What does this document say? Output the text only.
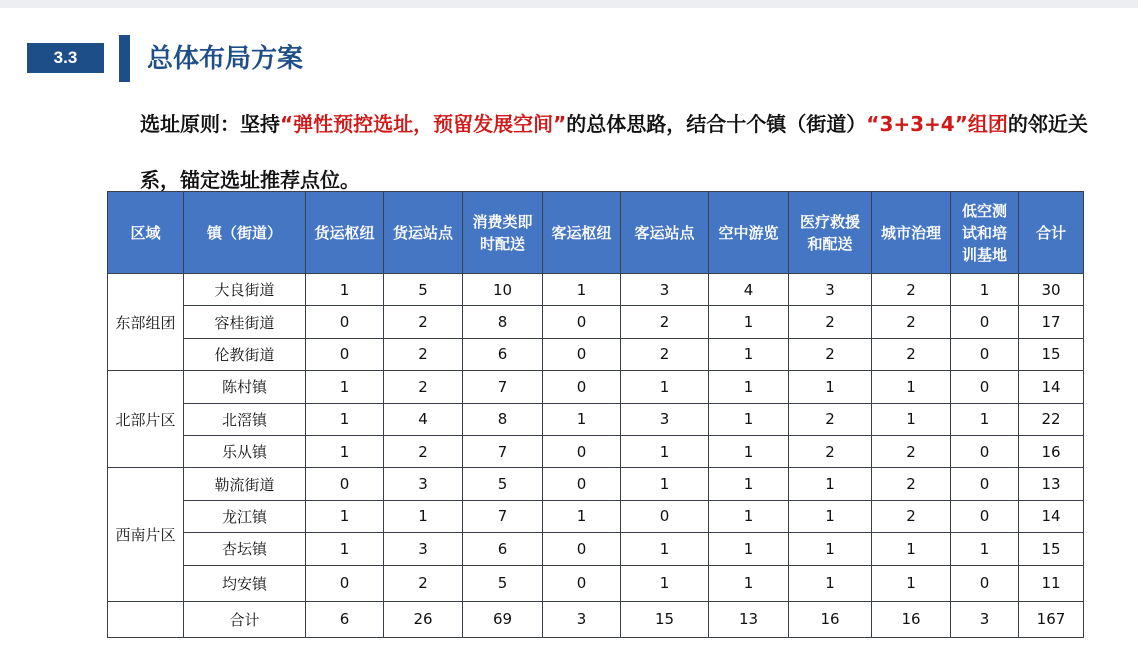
3.3	总体布局方案
选址原则：坚持“弹性预控选址，预留发展空间”的总体思路，结合十个镇（街道）“3+3+4”组团的邻近关系，锚定选址推荐点位。
区域	镇（街道）	货运枢纽	货运站点	消费类即时配送	客运枢纽	客运站点	空中游览	医疗救援和配送	城市治理	低空测试和培训基地	合计
东部组团	大良街道	1	5	10	1	3	4	3	2	1	30
	容桂街道	0	2	8	0	2	1	2	2	0	17
	伦教街道	0	2	6	0	2	1	2	2	0	15
北部片区	陈村镇	1	2	7	0	1	1	1	1	0	14
	北滘镇	1	4	8	1	3	1	2	1	1	22
	乐从镇	1	2	7	0	1	1	2	2	0	16
西南片区	勒流街道	0	3	5	0	1	1	1	2	0	13
	龙江镇	1	1	7	1	0	1	1	2	0	14
	杏坛镇	1	3	6	0	1	1	1	1	1	15
	均安镇	0	2	5	0	1	1	1	1	0	11
	合计	6	26	69	3	15	13	16	16	3	167
